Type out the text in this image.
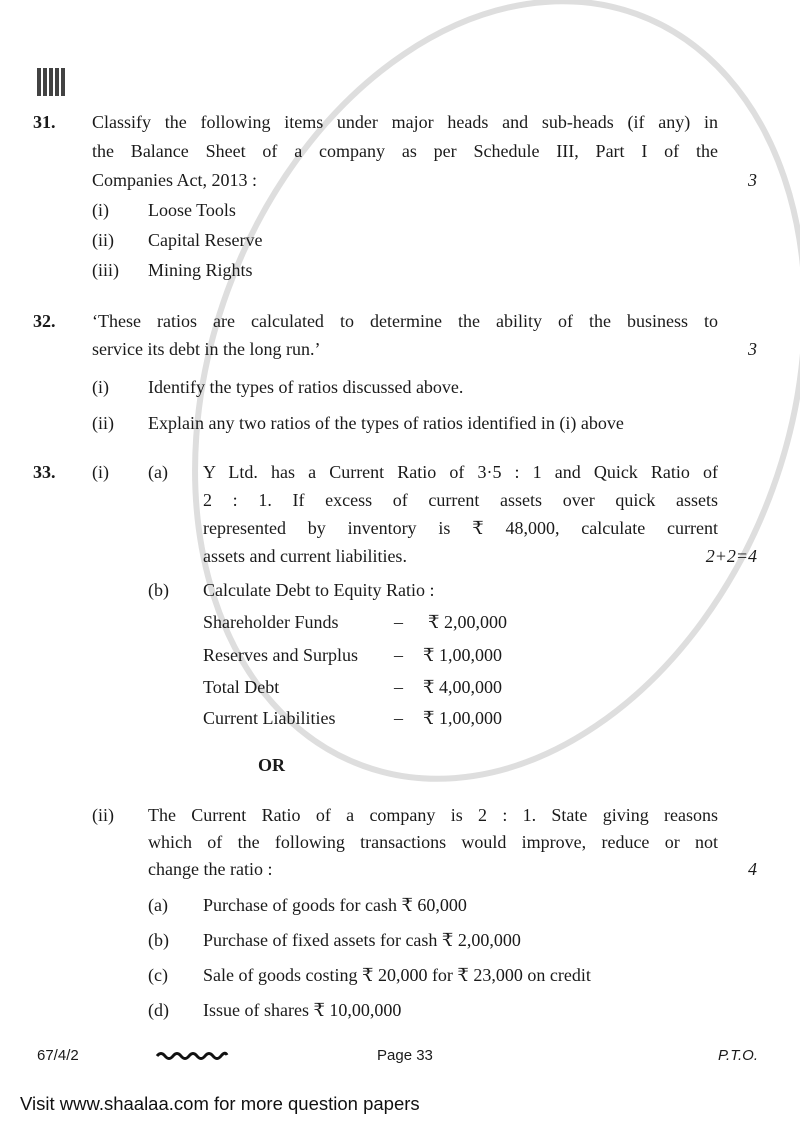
31. Classify the following items under major heads and sub-heads (if any) in
the Balance Sheet of a company as per Schedule III, Part I of the
Companies Act, 2013 :	3
(i) Loose Tools
(ii) Capital Reserve
(iii) Mining Rights
32. ‘These ratios are calculated to determine the ability of the business to
service its debt in the long run.’	3
(i) Identify the types of ratios discussed above.
(ii) Explain any two ratios of the types of ratios identified in (i) above
33. (i) (a) Y Ltd. has a Current Ratio of 3·5 : 1 and Quick Ratio of
2 : 1. If excess of current assets over quick assets
represented by inventory is ₹ 48,000, calculate current
assets and current liabilities.	2+2=4
(b) Calculate Debt to Equity Ratio :
Shareholder Funds	– ₹ 2,00,000
Reserves and Surplus – ₹ 1,00,000
Total Debt	– ₹ 4,00,000
Current Liabilities	– ₹ 1,00,000
OR
(ii) The Current Ratio of a company is 2 : 1. State giving reasons
which of the following transactions would improve, reduce or not
change the ratio :	4
(a) Purchase of goods for cash ₹ 60,000
(b) Purchase of fixed assets for cash ₹ 2,00,000
(c) Sale of goods costing ₹ 20,000 for ₹ 23,000 on credit
(d) Issue of shares ₹ 10,00,000
67/4/2	Page 33	P.T.O.
Visit www.shaalaa.com for more question papers
